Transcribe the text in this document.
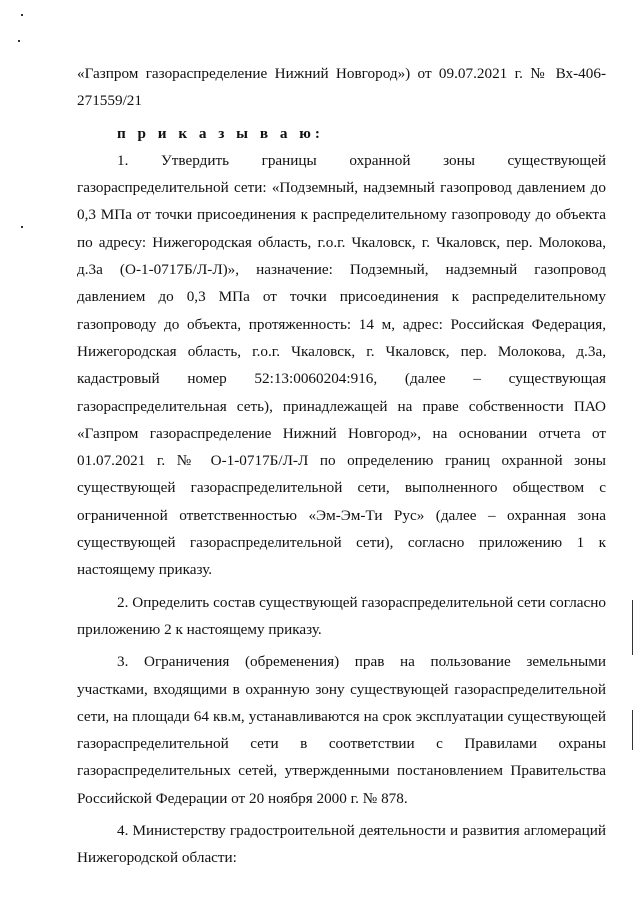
«Газпром газораспределение Нижний Новгород») от 09.07.2021 г. № Вх-406-271559/21

п р и к а з ы в а ю:

1. Утвердить границы охранной зоны существующей газораспределительной сети: «Подземный, надземный газопровод давлением до 0,3 МПа от точки присоединения к распределительному газопроводу до объекта по адресу: Нижегородская область, г.о.г. Чкаловск, г. Чкаловск, пер. Молокова, д.3а (О-1-0717Б/Л-Л)», назначение: Подземный, надземный газопровод давлением до 0,3 МПа от точки присоединения к распределительному газопроводу до объекта, протяженность: 14 м, адрес: Российская Федерация, Нижегородская область, г.о.г. Чкаловск, г. Чкаловск, пер. Молокова, д.3а, кадастровый номер 52:13:0060204:916, (далее – существующая газораспределительная сеть), принадлежащей на праве собственности ПАО «Газпром газораспределение Нижний Новгород», на основании отчета от 01.07.2021 г. № О-1-0717Б/Л-Л по определению границ охранной зоны существующей газораспределительной сети, выполненного обществом с ограниченной ответственностью «Эм-Эм-Ти Рус» (далее – охранная зона существующей газораспределительной сети), согласно приложению 1 к настоящему приказу.

2. Определить состав существующей газораспределительной сети согласно приложению 2 к настоящему приказу.

3. Ограничения (обременения) прав на пользование земельными участками, входящими в охранную зону существующей газораспределительной сети, на площади 64 кв.м, устанавливаются на срок эксплуатации существующей газораспределительной сети в соответствии с Правилами охраны газораспределительных сетей, утвержденными постановлением Правительства Российской Федерации от 20 ноября 2000 г. № 878.

4. Министерству градостроительной деятельности и развития агломераций Нижегородской области:
